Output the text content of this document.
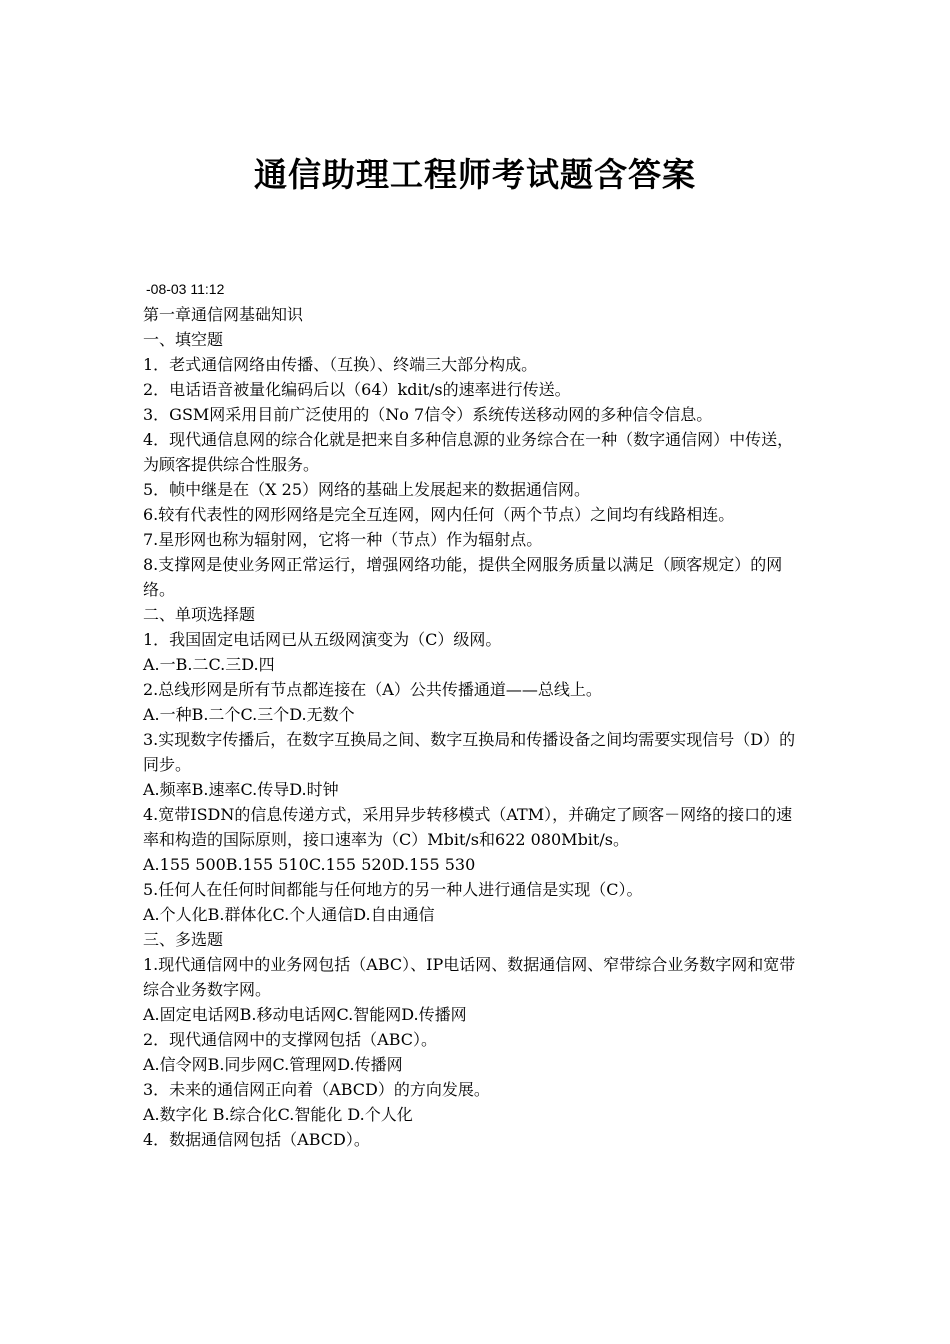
通信助理工程师考试题含答案
-08-03 11:12
第一章通信网基础知识
一、填空题
1．老式通信网络由传播、（互换）、终端三大部分构成。
2．电话语音被量化编码后以（64）kdit/s的速率进行传送。
3．GSM网采用目前广泛使用的（No 7信令）系统传送移动网的多种信令信息。
4．现代通信息网的综合化就是把来自多种信息源的业务综合在一种（数字通信网）中传送，为顾客提供综合性服务。
5．帧中继是在（X 25）网络的基础上发展起来的数据通信网。
6.较有代表性的网形网络是完全互连网，网内任何（两个节点）之间均有线路相连。
7.星形网也称为辐射网，它将一种（节点）作为辐射点。
8.支撑网是使业务网正常运行，增强网络功能，提供全网服务质量以满足（顾客规定）的网络。
二、单项选择题
1．我国固定电话网已从五级网演变为（C）级网。
A.一B.二C.三D.四
2.总线形网是所有节点都连接在（A）公共传播通道——总线上。
A.一种B.二个C.三个D.无数个
3.实现数字传播后，在数字互换局之间、数字互换局和传播设备之间均需要实现信号（D）的同步。
A.频率B.速率C.传导D.时钟
4.宽带ISDN的信息传递方式，采用异步转移模式（ATM），并确定了顾客－网络的接口的速率和构造的国际原则，接口速率为（C）Mbit/s和622 080Mbit/s。
A.155 500B.155 510C.155 520D.155 530
5.任何人在任何时间都能与任何地方的另一种人进行通信是实现（C）。
A.个人化B.群体化C.个人通信D.自由通信
三、多选题
1.现代通信网中的业务网包括（ABC）、IP电话网、数据通信网、窄带综合业务数字网和宽带综合业务数字网。
A.固定电话网B.移动电话网C.智能网D.传播网
2．现代通信网中的支撑网包括（ABC）。
A.信令网B.同步网C.管理网D.传播网
3．未来的通信网正向着（ABCD）的方向发展。
A.数字化 B.综合化C.智能化 D.个人化
4．数据通信网包括（ABCD）。
